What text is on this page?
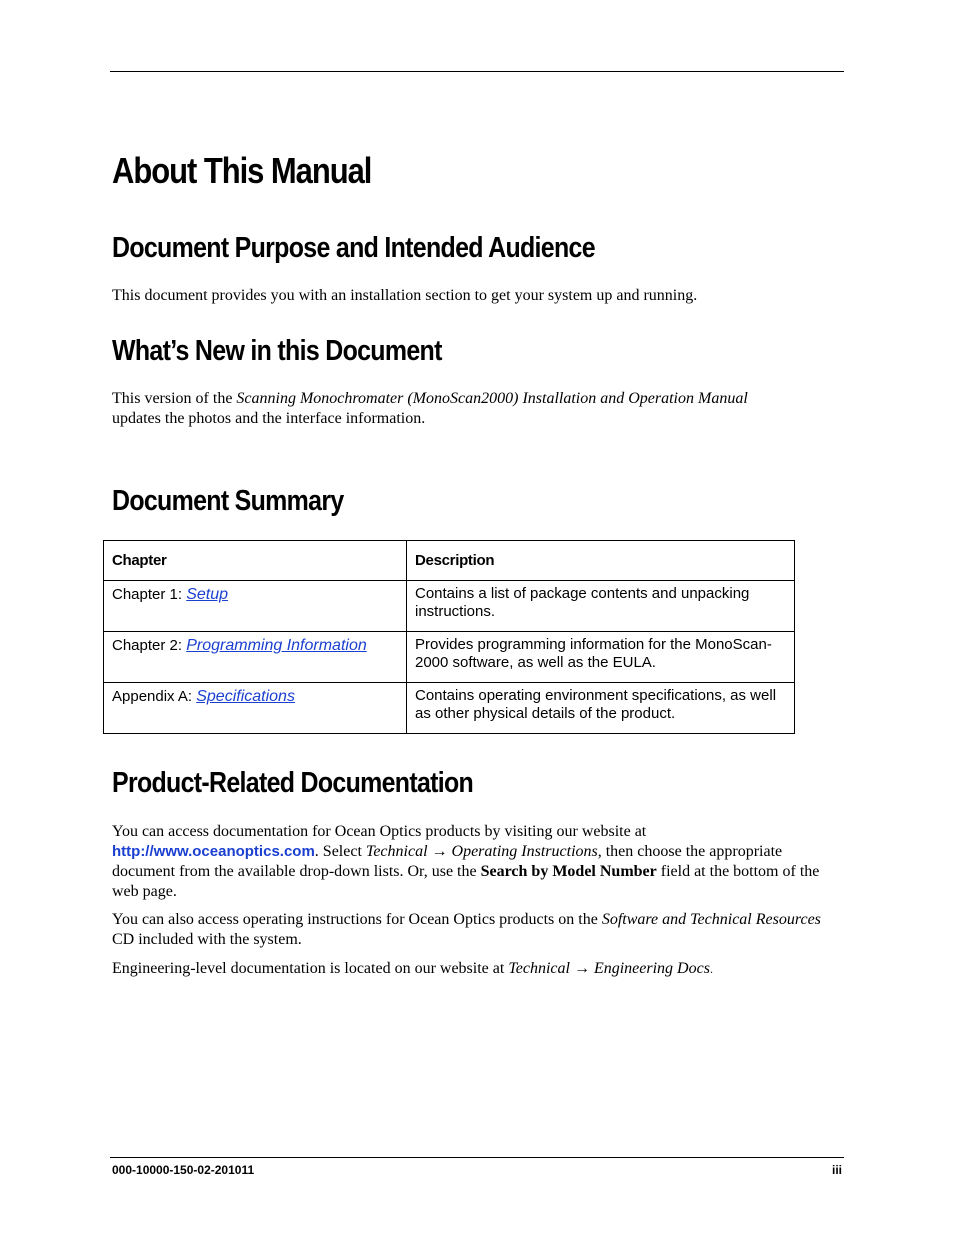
About This Manual
Document Purpose and Intended Audience

This document provides you with an installation section to get your system up and running.

What’s New in this Document

This version of the Scanning Monochromater (MonoScan2000) Installation and Operation Manual
updates the photos and the interface information.

Document Summary
Chapter	Description
Chapter 1: Setup	Contains a list of package contents and unpacking instructions.
Chapter 2: Programming Information	Provides programming information for the MonoScan-2000 software, as well as the EULA.
Appendix A: Specifications	Contains operating environment specifications, as well as other physical details of the product.
Product-Related Documentation

You can access documentation for Ocean Optics products by visiting our website at http://www.oceanoptics.com. Select Technical → Operating Instructions, then choose the appropriate document from the available drop-down lists. Or, use the Search by Model Number field at the bottom of the web page.

You can also access operating instructions for Ocean Optics products on the Software and Technical Resources CD included with the system.

Engineering-level documentation is located on our website at Technical → Engineering Docs.

000-10000-150-02-201011	iii
